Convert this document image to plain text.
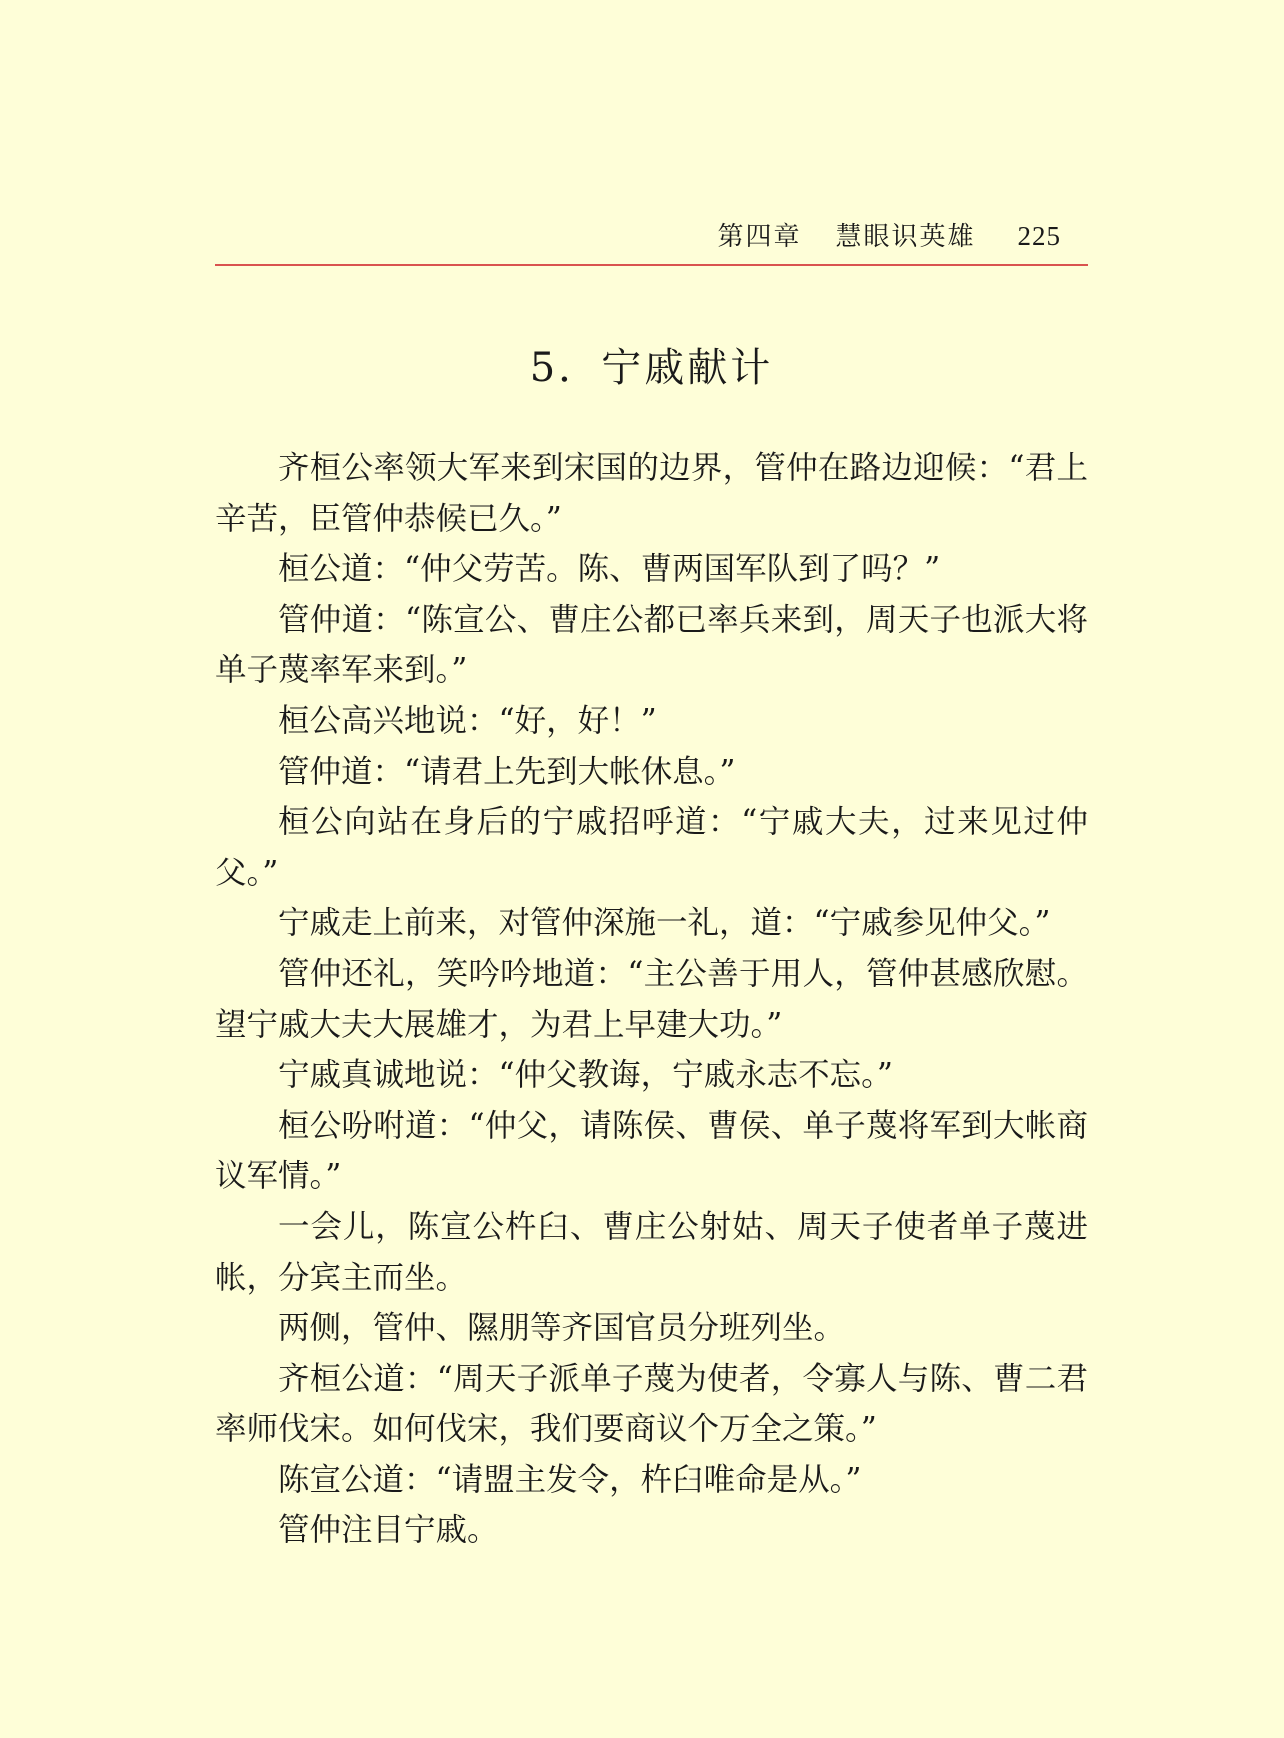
第四章 慧眼识英雄 225
5．宁戚献计

齐桓公率领大军来到宋国的边界，管仲在路边迎候：“君上辛苦，臣管仲恭候已久。”

桓公道：“仲父劳苦。陈、曹两国军队到了吗？”

管仲道：“陈宣公、曹庄公都已率兵来到，周天子也派大将单子蔑率军来到。”

桓公高兴地说：“好，好！”

管仲道：“请君上先到大帐休息。”

桓公向站在身后的宁戚招呼道：“宁戚大夫，过来见过仲父。”

宁戚走上前来，对管仲深施一礼，道：“宁戚参见仲父。”

管仲还礼，笑吟吟地道：“主公善于用人，管仲甚感欣慰。望宁戚大夫大展雄才，为君上早建大功。”

宁戚真诚地说：“仲父教诲，宁戚永志不忘。”

桓公吩咐道：“仲父，请陈侯、曹侯、单子蔑将军到大帐商议军情。”

一会儿，陈宣公杵臼、曹庄公射姑、周天子使者单子蔑进帐，分宾主而坐。

两侧，管仲、隰朋等齐国官员分班列坐。

齐桓公道：“周天子派单子蔑为使者，令寡人与陈、曹二君率师伐宋。如何伐宋，我们要商议个万全之策。”

陈宣公道：“请盟主发令，杵臼唯命是从。”

管仲注目宁戚。
